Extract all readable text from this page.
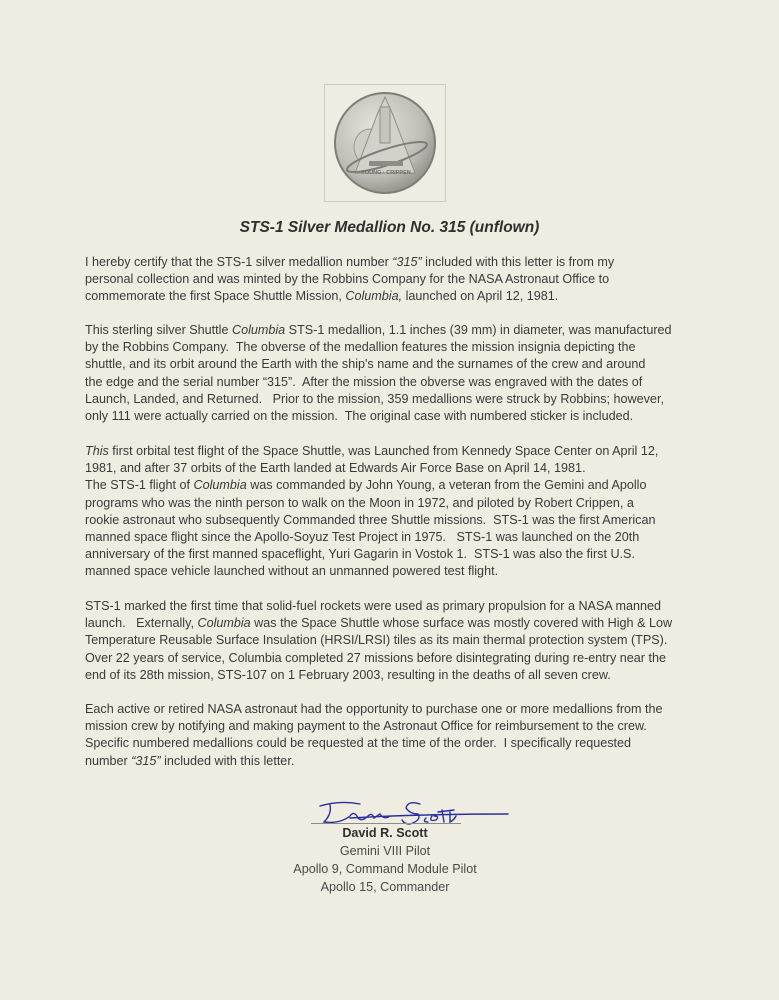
YOUNG · CRIPPEN
STS-1 Silver Medallion No. 315 (unflown)
I hereby certify that the STS-1 silver medallion number “315” included with this letter is from my
personal collection and was minted by the Robbins Company for the NASA Astronaut Office to
commemorate the first Space Shuttle Mission, Columbia, launched on April 12, 1981.
This sterling silver Shuttle Columbia STS-1 medallion, 1.1 inches (39 mm) in diameter, was manufactured
by the Robbins Company.  The obverse of the medallion features the mission insignia depicting the
shuttle, and its orbit around the Earth with the ship's name and the surnames of the crew and around
the edge and the serial number “315”.  After the mission the obverse was engraved with the dates of
Launch, Landed, and Returned.   Prior to the mission, 359 medallions were struck by Robbins; however,
only 111 were actually carried on the mission.  The original case with numbered sticker is included.
This first orbital test flight of the Space Shuttle, was Launched from Kennedy Space Center on April 12,
1981, and after 37 orbits of the Earth landed at Edwards Air Force Base on April 14, 1981.
The STS-1 flight of Columbia was commanded by John Young, a veteran from the Gemini and Apollo
programs who was the ninth person to walk on the Moon in 1972, and piloted by Robert Crippen, a
rookie astronaut who subsequently Commanded three Shuttle missions.  STS-1 was the first American
manned space flight since the Apollo-Soyuz Test Project in 1975.   STS-1 was launched on the 20th
anniversary of the first manned spaceflight, Yuri Gagarin in Vostok 1.  STS-1 was also the first U.S.
manned space vehicle launched without an unmanned powered test flight.
STS-1 marked the first time that solid-fuel rockets were used as primary propulsion for a NASA manned
launch.   Externally, Columbia was the Space Shuttle whose surface was mostly covered with High & Low
Temperature Reusable Surface Insulation (HRSI/LRSI) tiles as its main thermal protection system (TPS).
Over 22 years of service, Columbia completed 27 missions before disintegrating during re-entry near the
end of its 28th mission, STS-107 on 1 February 2003, resulting in the deaths of all seven crew.
Each active or retired NASA astronaut had the opportunity to purchase one or more medallions from the
mission crew by notifying and making payment to the Astronaut Office for reimbursement to the crew.
Specific numbered medallions could be requested at the time of the order.  I specifically requested
number “315” included with this letter.
David R. Scott
Gemini VIII Pilot
Apollo 9, Command Module Pilot
Apollo 15, Commander
